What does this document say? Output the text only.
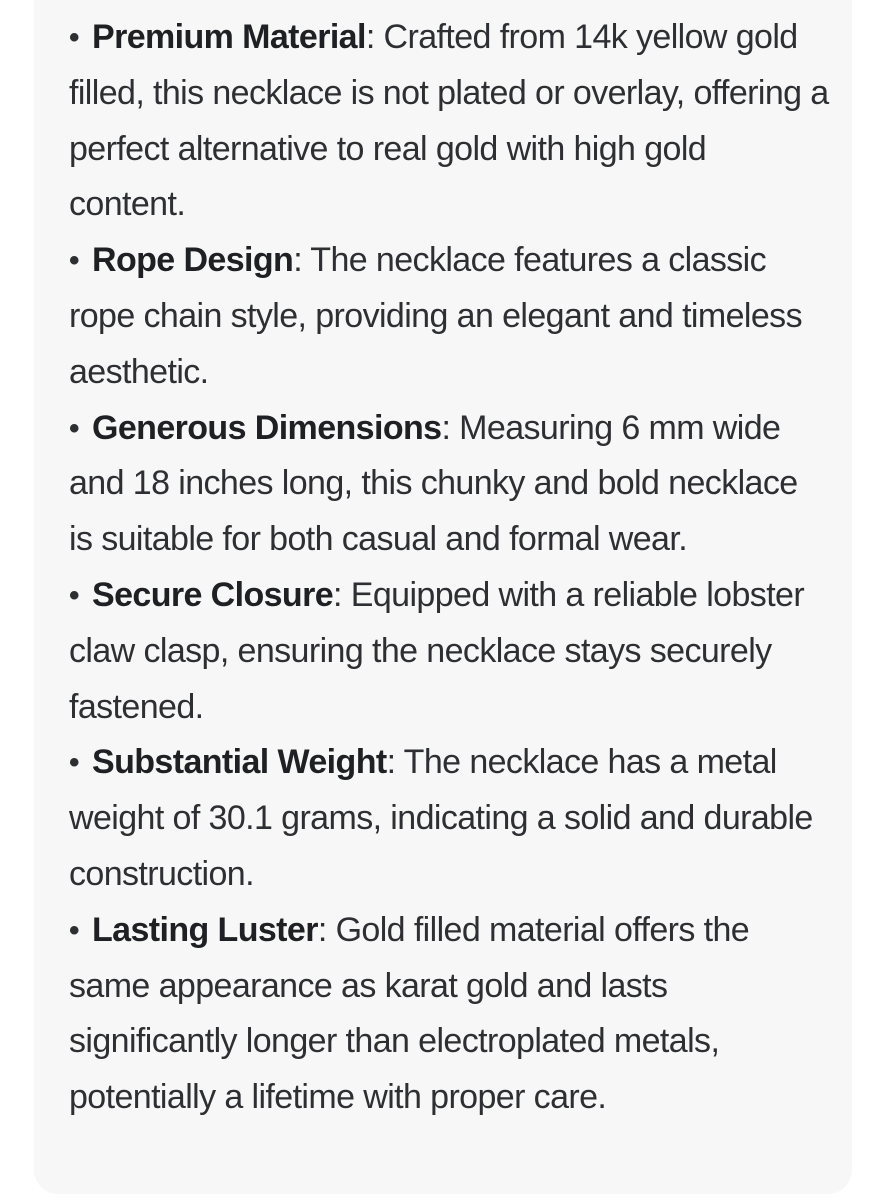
• Premium Material: Crafted from 14k yellow gold filled, this necklace is not plated or overlay, offering a perfect alternative to real gold with high gold content.
• Rope Design: The necklace features a classic rope chain style, providing an elegant and timeless aesthetic.
• Generous Dimensions: Measuring 6 mm wide and 18 inches long, this chunky and bold necklace is suitable for both casual and formal wear.
• Secure Closure: Equipped with a reliable lobster claw clasp, ensuring the necklace stays securely fastened.
• Substantial Weight: The necklace has a metal weight of 30.1 grams, indicating a solid and durable construction.
• Lasting Luster: Gold filled material offers the same appearance as karat gold and lasts significantly longer than electroplated metals, potentially a lifetime with proper care.
